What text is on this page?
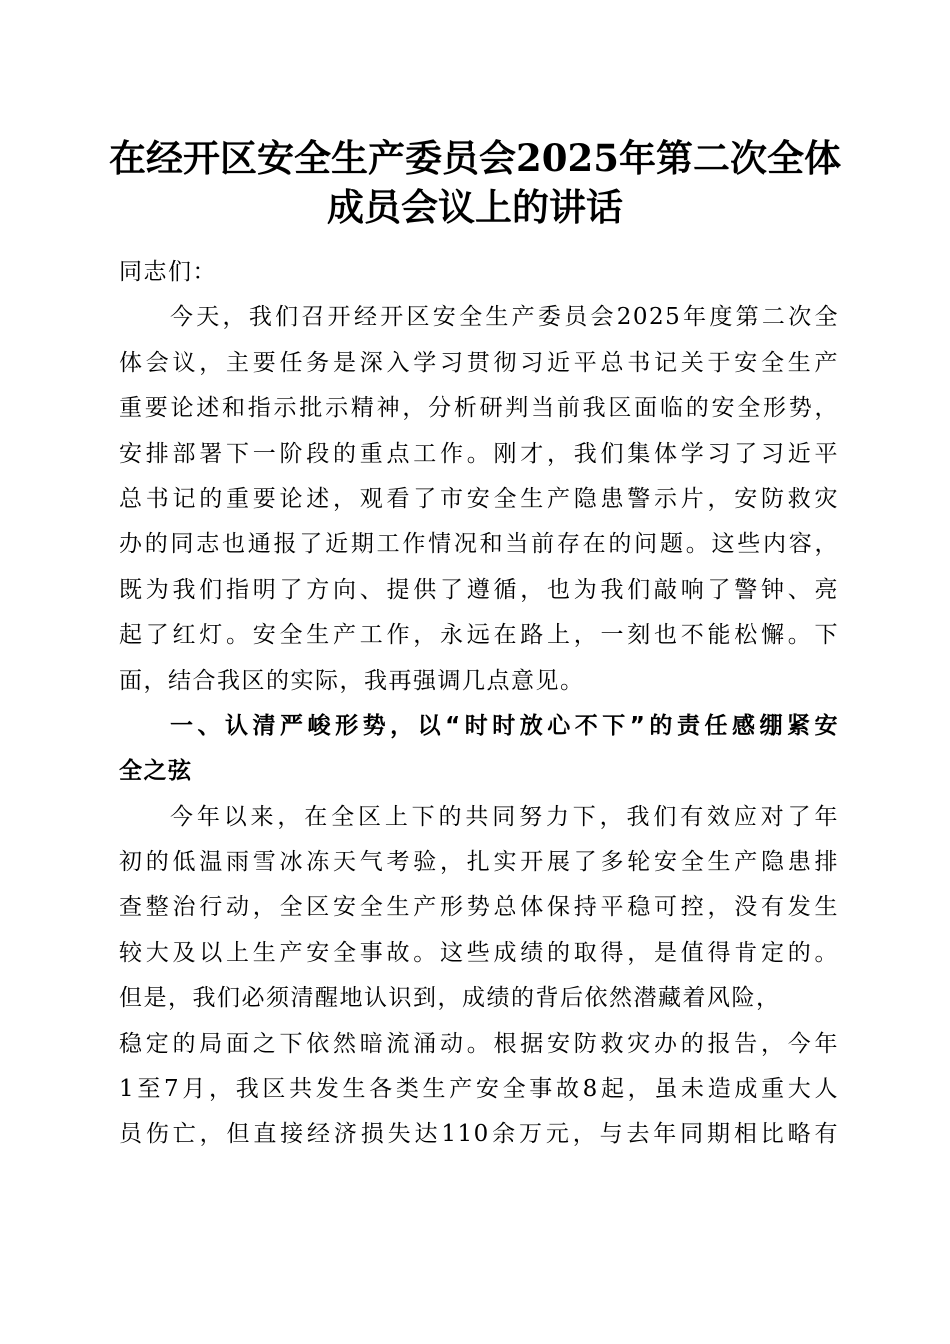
在经开区安全生产委员会2025年第二次全体
成员会议上的讲话
同志们：
今天，我们召开经开区安全生产委员会2025年度第二次全
体会议，主要任务是深入学习贯彻习近平总书记关于安全生产
重要论述和指示批示精神，分析研判当前我区面临的安全形势，
安排部署下一阶段的重点工作。刚才，我们集体学习了习近平
总书记的重要论述，观看了市安全生产隐患警示片，安防救灾
办的同志也通报了近期工作情况和当前存在的问题。这些内容，
既为我们指明了方向、提供了遵循，也为我们敲响了警钟、亮
起了红灯。安全生产工作，永远在路上，一刻也不能松懈。下
面，结合我区的实际，我再强调几点意见。
一、认清严峻形势，以“时时放心不下”的责任感绷紧安
全之弦
今年以来，在全区上下的共同努力下，我们有效应对了年
初的低温雨雪冰冻天气考验，扎实开展了多轮安全生产隐患排
查整治行动，全区安全生产形势总体保持平稳可控，没有发生
较大及以上生产安全事故。这些成绩的取得，是值得肯定的。
但是，我们必须清醒地认识到，成绩的背后依然潜藏着风险，
稳定的局面之下依然暗流涌动。根据安防救灾办的报告，今年
1至7月，我区共发生各类生产安全事故8起，虽未造成重大人
员伤亡，但直接经济损失达110余万元，与去年同期相比略有
